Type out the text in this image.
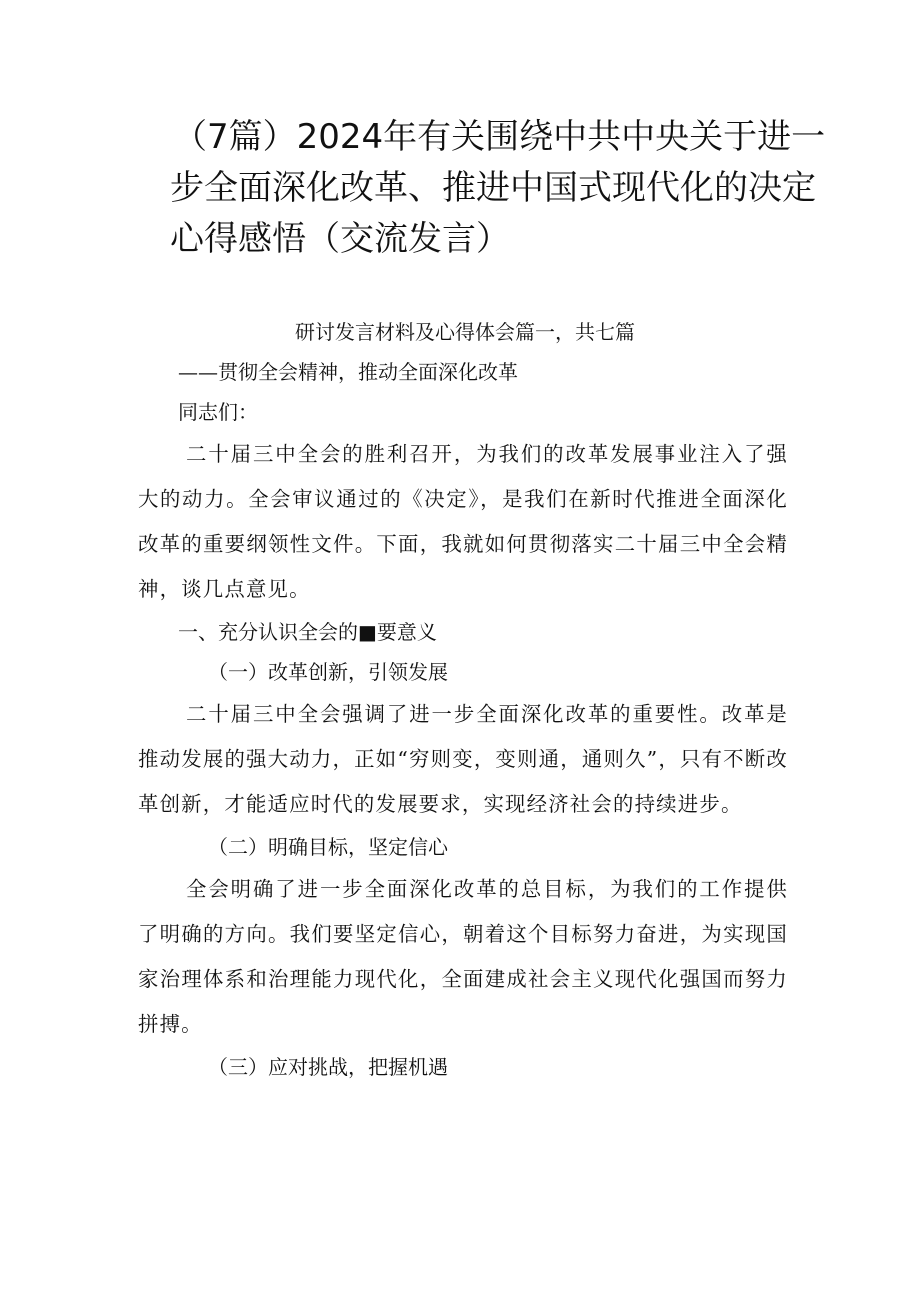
（7篇）2024年有关围绕中共中央关于进一
步全面深化改革、推进中国式现代化的决定
心得感悟（交流发言）

研讨发言材料及心得体会篇一，共七篇

——贯彻全会精神，推动全面深化改革

同志们：

二十届三中全会的胜利召开，为我们的改革发展事业注入了强大的动力。全会审议通过的《决定》，是我们在新时代推进全面深化改革的重要纲领性文件。下面，我就如何贯彻落实二十届三中全会精神，谈几点意见。

一、充分认识全会的■要意义

（一）改革创新，引领发展

二十届三中全会强调了进一步全面深化改革的重要性。改革是推动发展的强大动力，正如“穷则变，变则通，通则久”，只有不断改革创新，才能适应时代的发展要求，实现经济社会的持续进步。

（二）明确目标，坚定信心

全会明确了进一步全面深化改革的总目标，为我们的工作提供了明确的方向。我们要坚定信心，朝着这个目标努力奋进，为实现国家治理体系和治理能力现代化，全面建成社会主义现代化强国而努力拼搏。

（三）应对挑战，把握机遇
